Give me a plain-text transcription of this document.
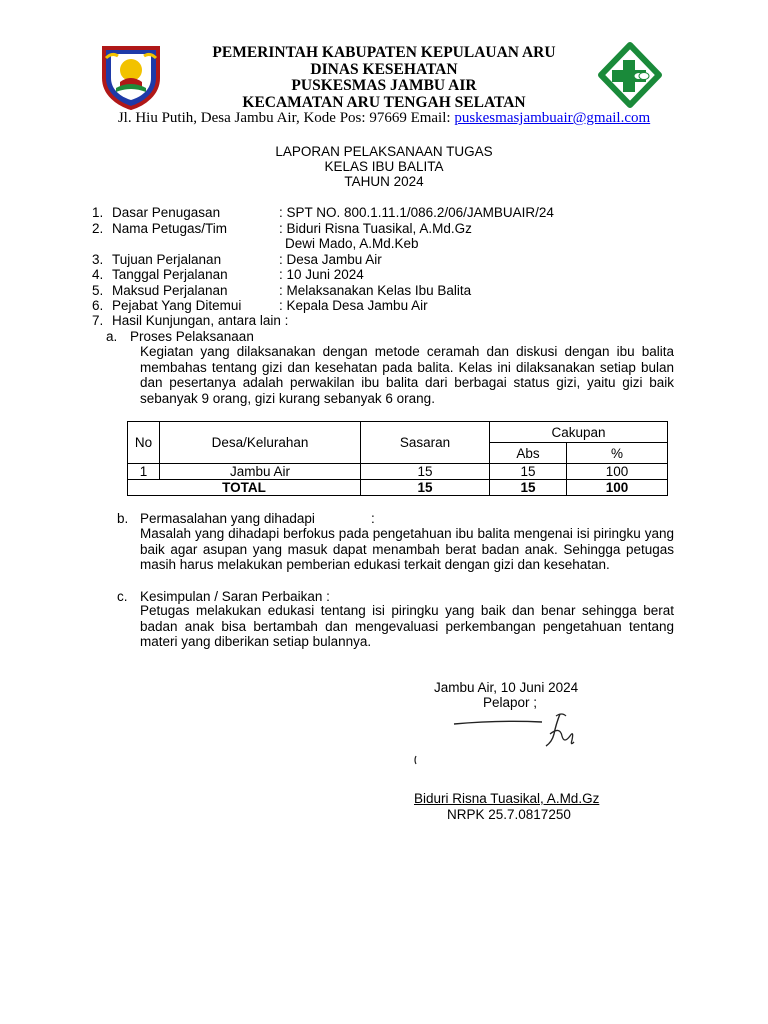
PEMERINTAH KABUPATEN KEPULAUAN ARU
DINAS KESEHATAN
PUSKESMAS JAMBU AIR
KECAMATAN ARU TENGAH SELATAN
Jl. Hiu Putih, Desa Jambu Air, Kode Pos: 97669 Email: puskesmasjambuair@gmail.com
LAPORAN PELAKSANAAN TUGAS
KELAS IBU BALITA
TAHUN 2024
1. Dasar Penugasan	: SPT NO. 800.1.11.1/086.2/06/JAMBUAIR/24
2. Nama Petugas/Tim	: Biduri Risna Tuasikal, A.Md.Gz
Dewi Mado, A.Md.Keb
3. Tujuan Perjalanan	: Desa Jambu Air
4. Tanggal Perjalanan	: 10 Juni 2024
5. Maksud Perjalanan	: Melaksanakan Kelas Ibu Balita
6. Pejabat Yang Ditemui	: Kepala Desa Jambu Air
7. Hasil Kunjungan, antara lain :
a. Proses Pelaksanaan
Kegiatan yang dilaksanakan dengan metode ceramah dan diskusi dengan ibu balita membahas tentang gizi dan kesehatan pada balita. Kelas ini dilaksanakan setiap bulan dan pesertanya adalah perwakilan ibu balita dari berbagai status gizi, yaitu gizi baik sebanyak 9 orang, gizi kurang sebanyak 6 orang.
No	Desa/Kelurahan	Sasaran	Cakupan	
			Abs	%
1	Jambu Air	15	15	100
TOTAL		15	15	100
b. Permasalahan yang dihadapi	:
Masalah yang dihadapi berfokus pada pengetahuan ibu balita mengenai isi piringku yang baik agar asupan yang masuk dapat menambah berat badan anak. Sehingga petugas masih harus melakukan pemberian edukasi terkait dengan gizi dan kesehatan.
c. Kesimpulan / Saran Perbaikan :
Petugas melakukan edukasi tentang isi piringku yang baik dan benar sehingga berat badan anak bisa bertambah dan mengevaluasi perkembangan pengetahuan tentang materi yang diberikan setiap bulannya.
Jambu Air, 10 Juni 2024
Pelapor ;
Biduri Risna Tuasikal, A.Md.Gz
NRPK 25.7.0817250
